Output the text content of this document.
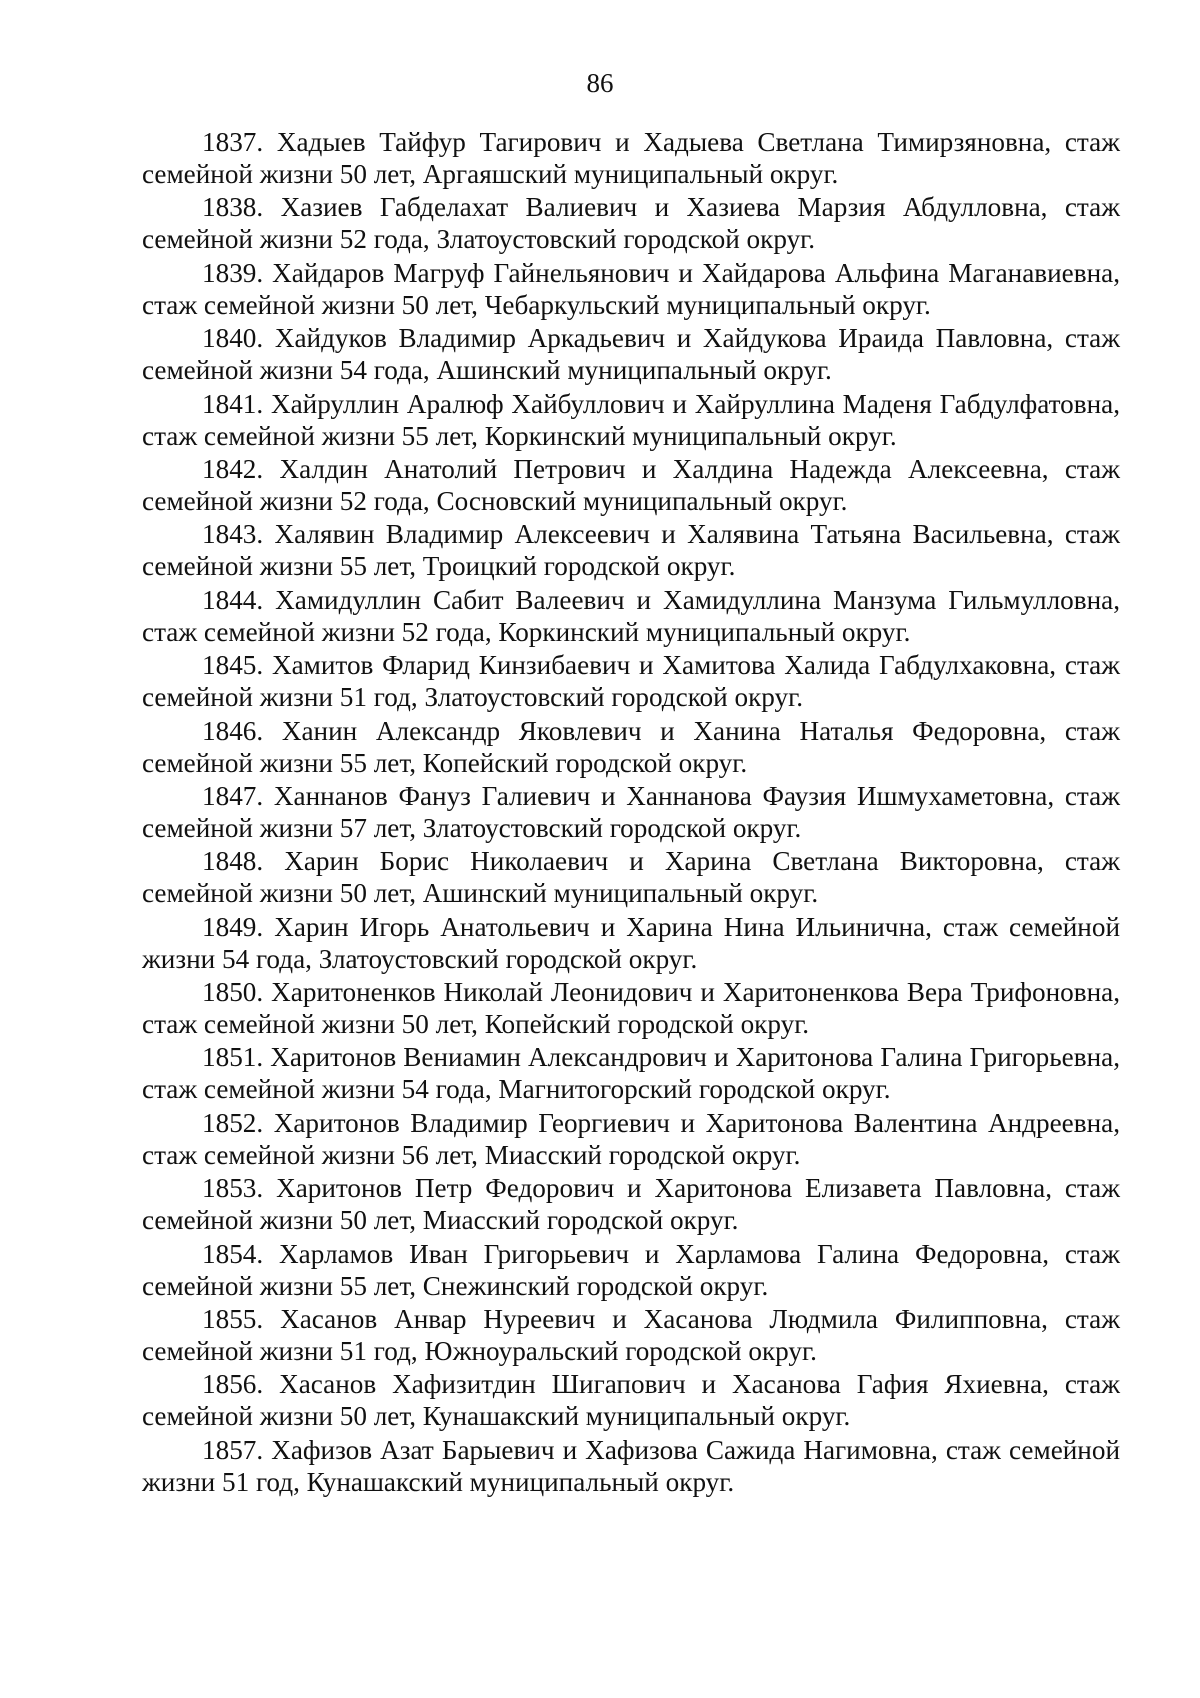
86

1837. Хадыев Тайфур Тагирович и Хадыева Светлана Тимирзяновна, стаж семейной жизни 50 лет, Аргаяшский муниципальный округ.

1838. Хазиев Габделахат Валиевич и Хазиева Марзия Абдулловна, стаж семейной жизни 52 года, Златоустовский городской округ.

1839. Хайдаров Магруф Гайнельянович и Хайдарова Альфина Маганавиевна, стаж семейной жизни 50 лет, Чебаркульский муниципальный округ.

1840. Хайдуков Владимир Аркадьевич и Хайдукова Ираида Павловна, стаж семейной жизни 54 года, Ашинский муниципальный округ.

1841. Хайруллин Аралюф Хайбуллович и Хайруллина Маденя Габдулфатовна, стаж семейной жизни 55 лет, Коркинский муниципальный округ.

1842. Халдин Анатолий Петрович и Халдина Надежда Алексеевна, стаж семейной жизни 52 года, Сосновский муниципальный округ.

1843. Халявин Владимир Алексеевич и Халявина Татьяна Васильевна, стаж семейной жизни 55 лет, Троицкий городской округ.

1844. Хамидуллин Сабит Валеевич и Хамидуллина Манзума Гильмулловна, стаж семейной жизни 52 года, Коркинский муниципальный округ.

1845. Хамитов Фларид Кинзибаевич и Хамитова Халида Габдулхаковна, стаж семейной жизни 51 год, Златоустовский городской округ.

1846. Ханин Александр Яковлевич и Ханина Наталья Федоровна, стаж семейной жизни 55 лет, Копейский городской округ.

1847. Ханнанов Фануз Галиевич и Ханнанова Фаузия Ишмухаметовна, стаж семейной жизни 57 лет, Златоустовский городской округ.

1848. Харин Борис Николаевич и Харина Светлана Викторовна, стаж семейной жизни 50 лет, Ашинский муниципальный округ.

1849. Харин Игорь Анатольевич и Харина Нина Ильинична, стаж семейной жизни 54 года, Златоустовский городской округ.

1850. Харитоненков Николай Леонидович и Харитоненкова Вера Трифоновна, стаж семейной жизни 50 лет, Копейский городской округ.

1851. Харитонов Вениамин Александрович и Харитонова Галина Григорьевна, стаж семейной жизни 54 года, Магнитогорский городской округ.

1852. Харитонов Владимир Георгиевич и Харитонова Валентина Андреевна, стаж семейной жизни 56 лет, Миасский городской округ.

1853. Харитонов Петр Федорович и Харитонова Елизавета Павловна, стаж семейной жизни 50 лет, Миасский городской округ.

1854. Харламов Иван Григорьевич и Харламова Галина Федоровна, стаж семейной жизни 55 лет, Снежинский городской округ.

1855. Хасанов Анвар Нуреевич и Хасанова Людмила Филипповна, стаж семейной жизни 51 год, Южноуральский городской округ.

1856. Хасанов Хафизитдин Шигапович и Хасанова Гафия Яхиевна, стаж семейной жизни 50 лет, Кунашакский муниципальный округ.

1857. Хафизов Азат Барыевич и Хафизова Сажида Нагимовна, стаж семейной жизни 51 год, Кунашакский муниципальный округ.
